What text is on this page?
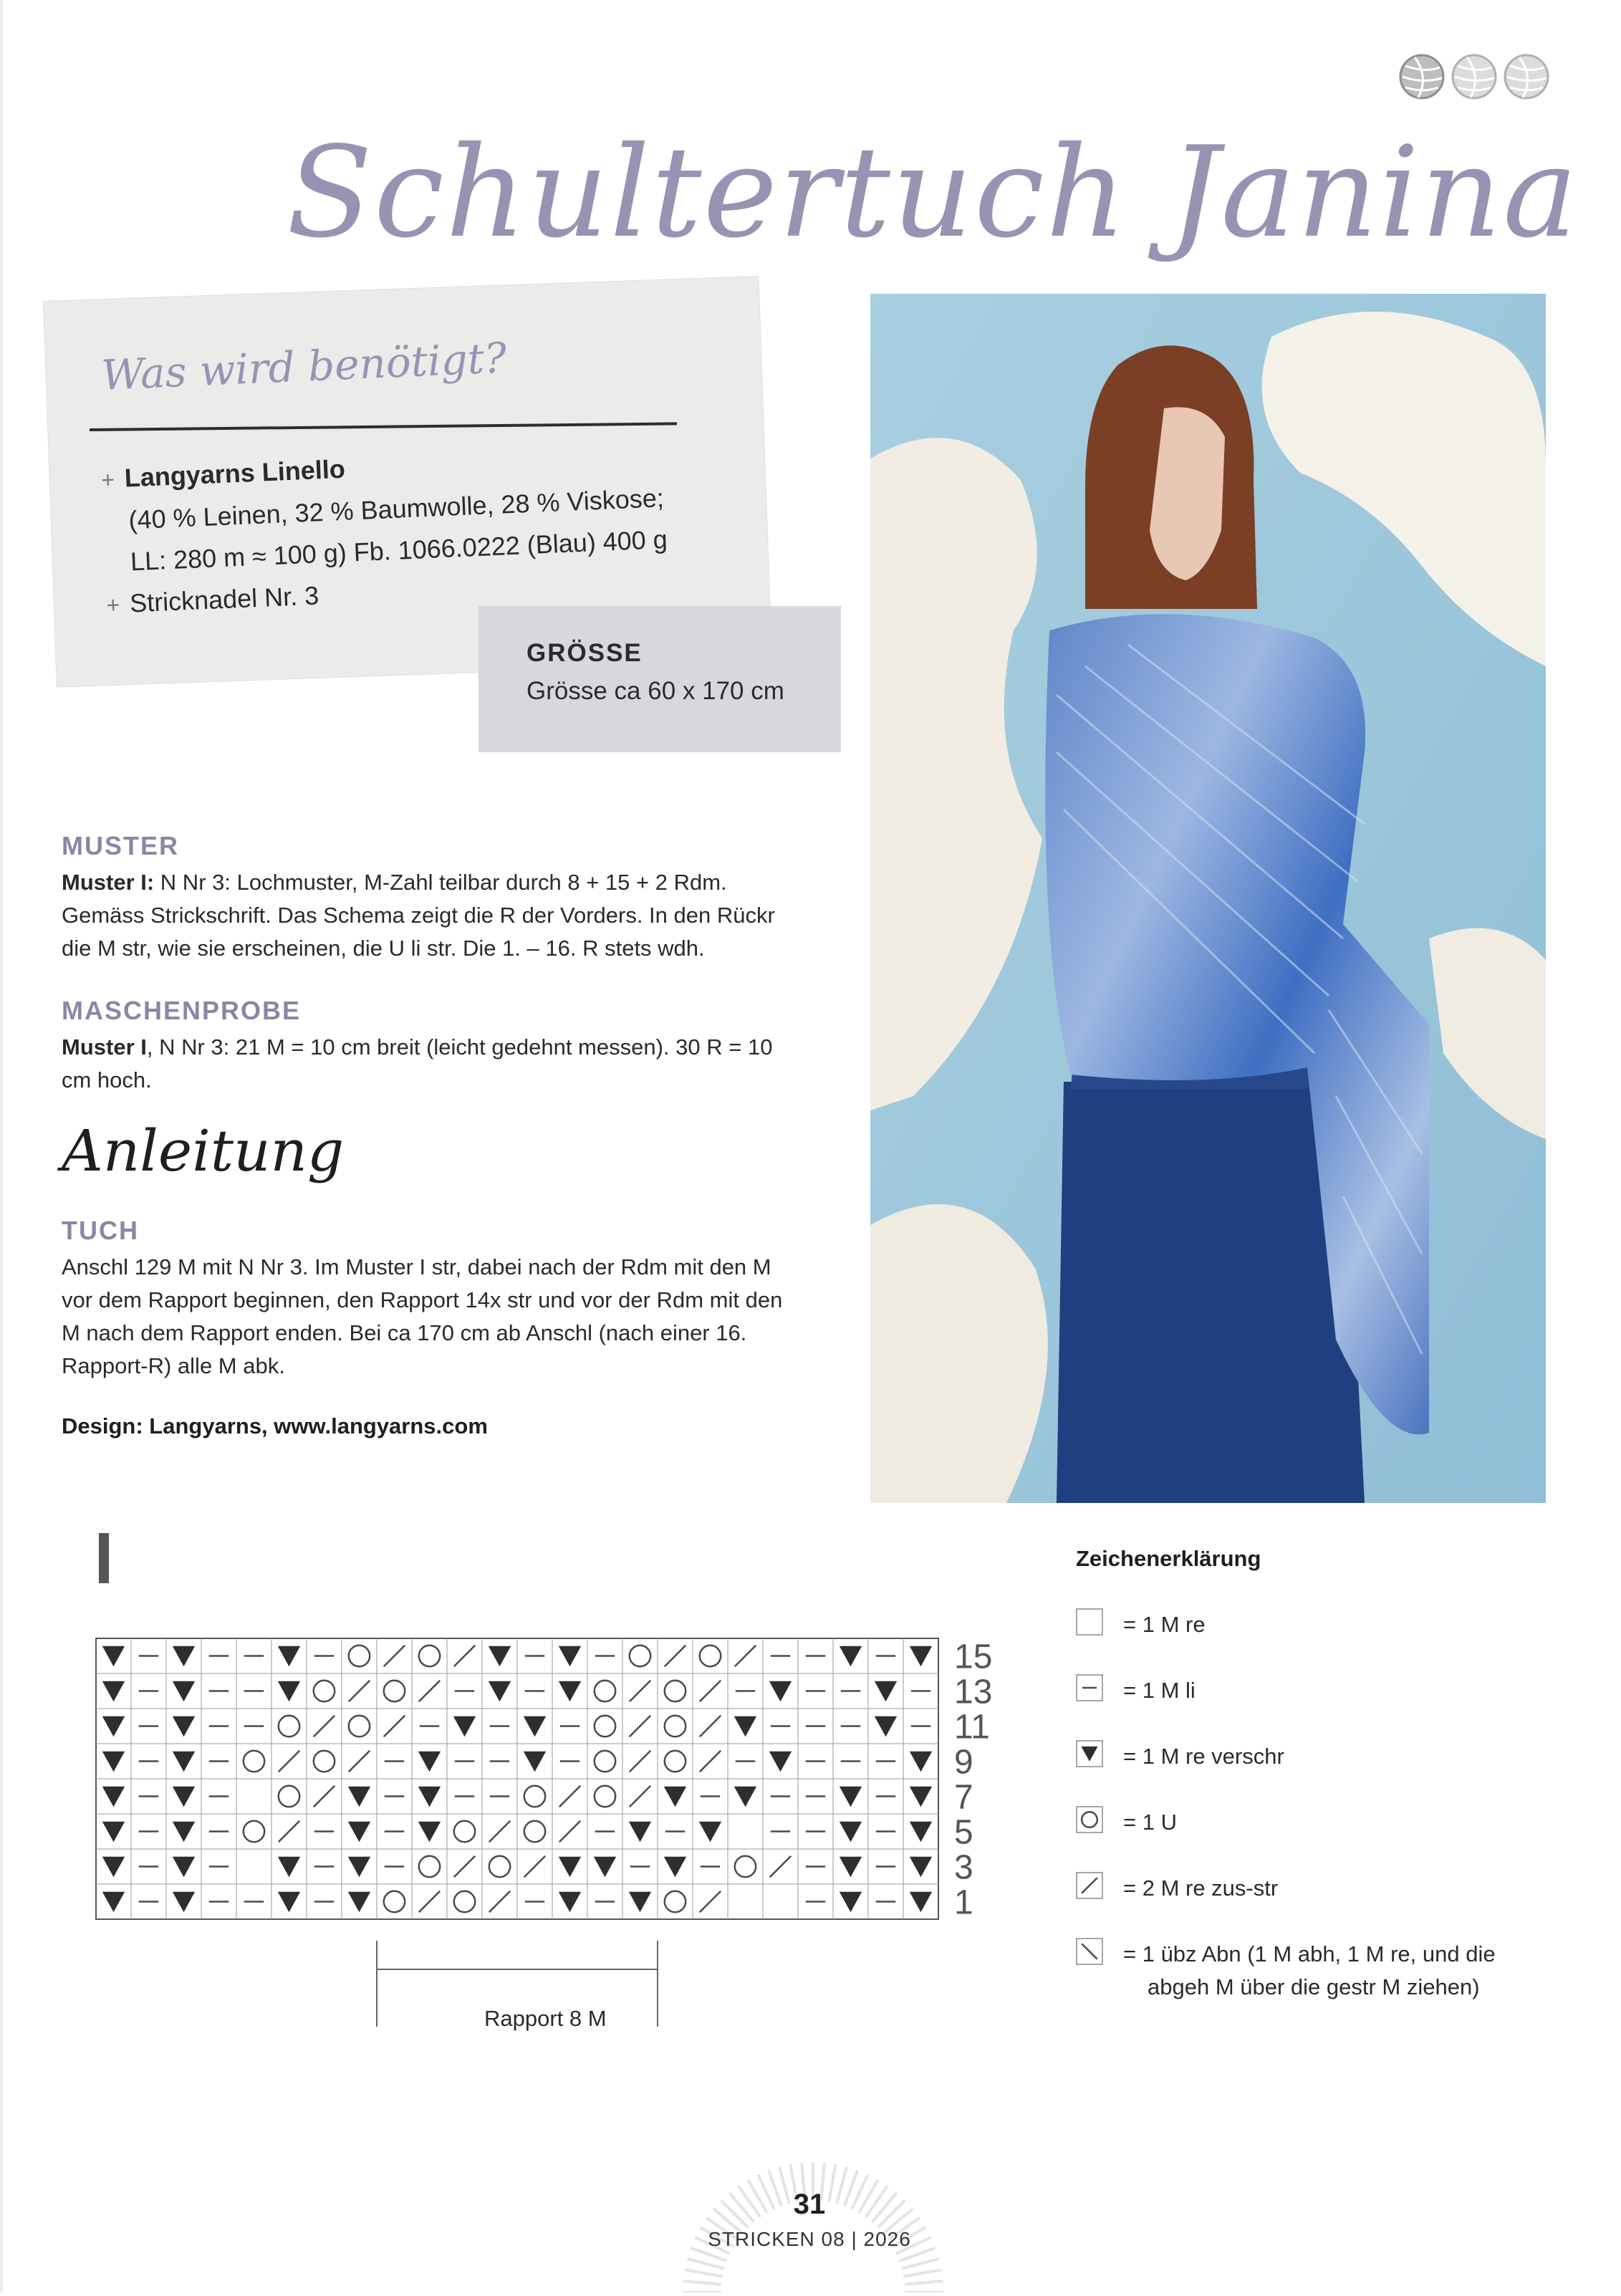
Schultertuch Janina
Was wird benötigt?
+ Langyarns Linello
(40 % Leinen, 32 % Baumwolle, 28 % Viskose;
LL: 280 m ≈ 100 g) Fb. 1066.0222 (Blau) 400 g
+ Stricknadel Nr. 3
GRÖSSE
Grösse ca 60 x 170 cm
MUSTER
Muster I: N Nr 3: Lochmuster, M-Zahl teilbar durch 8 + 15 + 2 Rdm. Gemäss Strickschrift. Das Schema zeigt die R der Vorders. In den Rückr die M str, wie sie erscheinen, die U li str. Die 1. – 16. R stets wdh.
MASCHENPROBE
Muster I, N Nr 3: 21 M = 10 cm breit (leicht gedehnt messen). 30 R = 10 cm hoch.
Anleitung
TUCH
Anschl 129 M mit N Nr 3. Im Muster I str, dabei nach der Rdm mit den M vor dem Rapport beginnen, den Rapport 14x str und vor der Rdm mit den M nach dem Rapport enden. Bei ca 170 cm ab Anschl (nach einer 16. Rapport-R) alle M abk.
Design: Langyarns, www.langyarns.com
15
13
11
9
7
5
3
1
Rapport 8 M
Zeichenerklärung
= 1 M re
= 1 M li
= 1 M re verschr
= 1 U
= 2 M re zus-str
= 1 übz Abn (1 M abh, 1 M re, und die
abgeh M über die gestr M ziehen)
31
STRICKEN 08 | 2026
